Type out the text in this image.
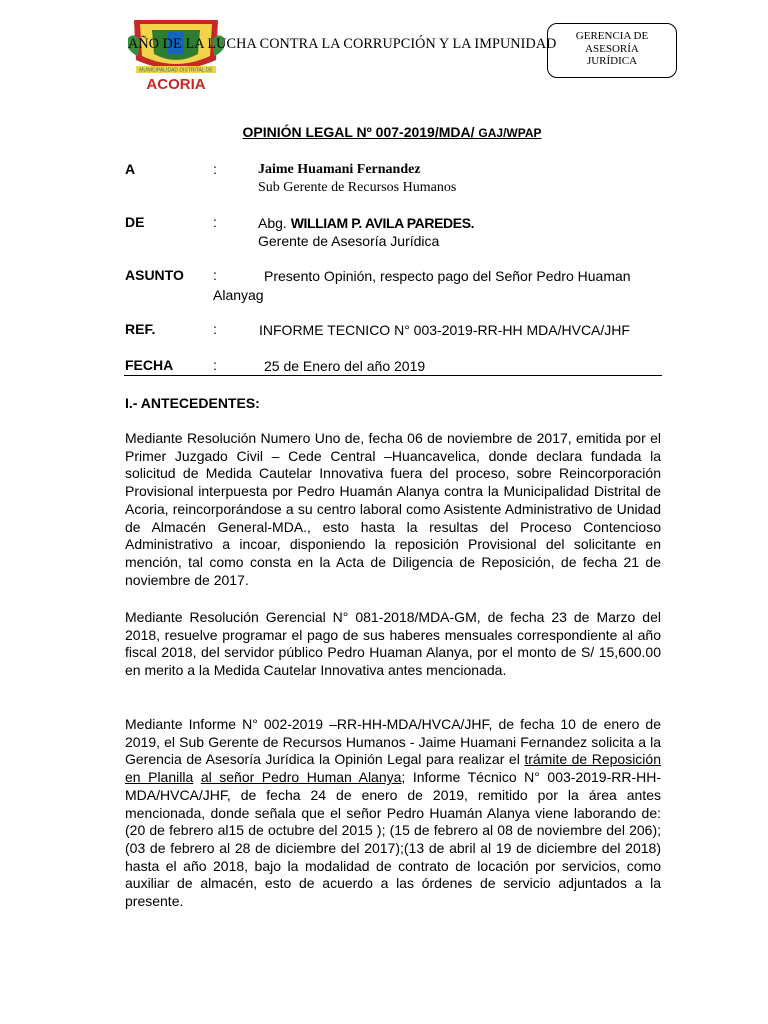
MUNICIPALIDAD DISTRITAL DE
ACORIA
AÑO DE LA LUCHA CONTRA LA CORRUPCIÓN Y LA IMPUNIDAD	GERENCIA DE
ASESORÍA
JURÍDICA
OPINIÓN LEGAL Nº 007-2019/MDA/ GAJ/WPAP
A	:	Jaime Huamani Fernandez
Sub Gerente de Recursos Humanos
DE	:	Abg. WILLIAM P. AVILA PAREDES.
Gerente de Asesoría Jurídica
ASUNTO :	Presento Opinión, respecto pago del Señor Pedro Huaman
Alanyag
REF.	:	INFORME TECNICO N° 003-2019-RR-HH MDA/HVCA/JHF
FECHA	:	25 de Enero del año 2019
I.- ANTECEDENTES:

Mediante Resolución Numero Uno de, fecha 06 de noviembre de 2017, emitida por el Primer Juzgado Civil – Cede Central –Huancavelica, donde declara fundada la solicitud de Medida Cautelar Innovativa fuera del proceso, sobre Reincorporación Provisional interpuesta por Pedro Huamán Alanya contra la Municipalidad Distrital de Acoria, reincorporándose a su centro laboral como Asistente Administrativo de Unidad de Almacén General-MDA., esto hasta la resultas del Proceso Contencioso Administrativo a incoar, disponiendo la reposición Provisional del solicitante en mención, tal como consta en la Acta de Diligencia de Reposición, de fecha 21 de noviembre de 2017.

Mediante Resolución Gerencial N° 081-2018/MDA-GM, de fecha 23 de Marzo del 2018, resuelve programar el pago de sus haberes mensuales correspondiente al año fiscal 2018, del servidor público Pedro Huaman Alanya, por el monto de S/ 15,600.00 en merito a la Medida Cautelar Innovativa antes mencionada.

Mediante Informe N° 002-2019 –RR-HH-MDA/HVCA/JHF, de fecha 10 de enero de 2019, el Sub Gerente de Recursos Humanos - Jaime Huamani Fernandez solicita a la Gerencia de Asesoría Jurídica la Opinión Legal para realizar el trámite de Reposición en Planilla al señor Pedro Human Alanya; Informe Técnico N° 003-2019-RR-HH-MDA/HVCA/JHF, de fecha 24 de enero de 2019, remitido por la área antes mencionada, donde señala que el señor Pedro Huamán Alanya viene laborando de: (20 de febrero al15 de octubre del 2015 ); (15 de febrero al 08 de noviembre del 206);(03 de febrero al 28 de diciembre del 2017);(13 de abril al 19 de diciembre del 2018) hasta el año 2018, bajo la modalidad de contrato de locación por servicios, como auxiliar de almacén, esto de acuerdo a las órdenes de servicio adjuntados a la presente.
